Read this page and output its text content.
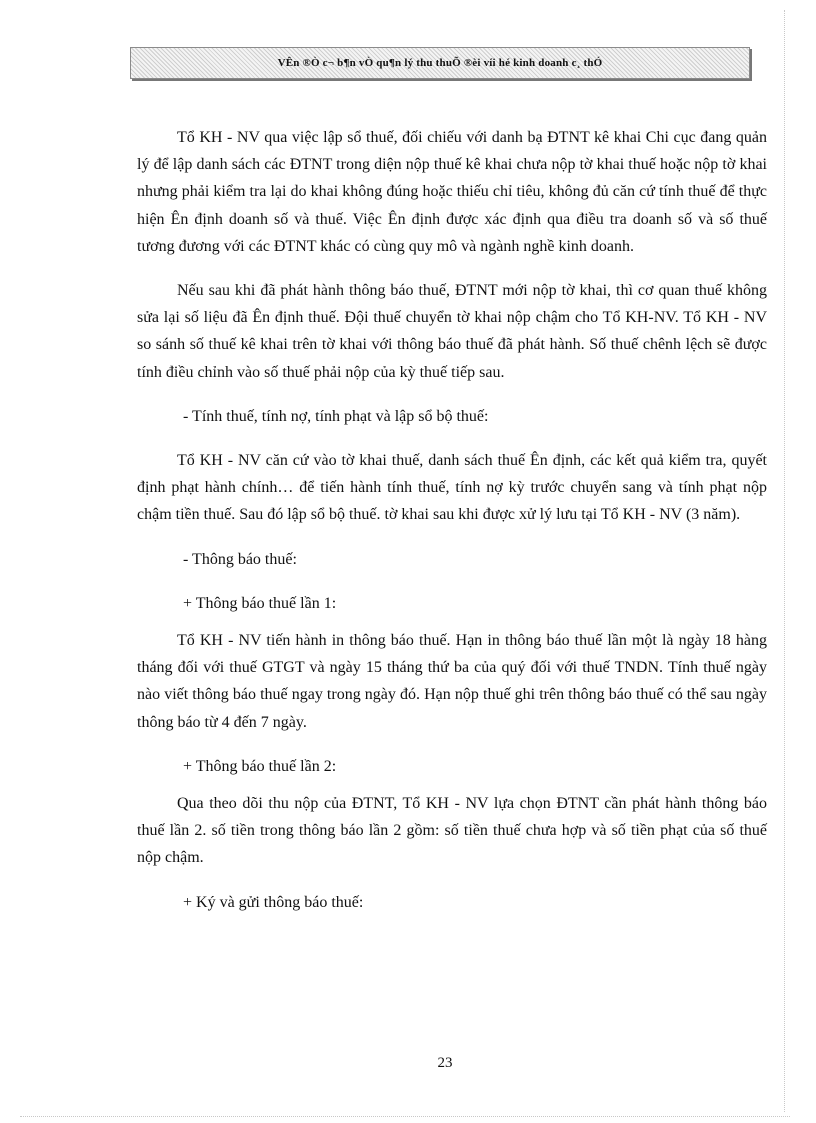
VÊn ®Ò c¬ b¶n vÒ qu¶n lý thu thuÕ ®èi víi hé kinh doanh c¸ thÓ

Tổ KH - NV qua việc lập sổ thuế, đối chiếu với danh bạ ĐTNT kê khai Chi cục đang quản lý để lập danh sách các ĐTNT trong diện nộp thuế kê khai chưa nộp tờ khai thuế hoặc nộp tờ khai nhưng phải kiểm tra lại do khai không đúng hoặc thiếu chỉ tiêu, không đủ căn cứ tính thuế để thực hiện Ên định doanh số và thuế. Việc Ên định được xác định qua điều tra doanh số và số thuế tương đương với các ĐTNT khác có cùng quy mô và ngành nghề kinh doanh.

Nếu sau khi đã phát hành thông báo thuế, ĐTNT mới nộp tờ khai, thì cơ quan thuế không sửa lại số liệu đã Ên định thuế. Đội thuế chuyển tờ khai nộp chậm cho Tổ KH-NV. Tổ KH - NV so sánh số thuế kê khai trên tờ khai với thông báo thuế đã phát hành. Số thuế chênh lệch sẽ được tính điều chỉnh vào số thuế phải nộp của kỳ thuế tiếp sau.

- Tính thuế, tính nợ, tính phạt và lập sổ bộ thuế:

Tổ KH - NV căn cứ vào tờ khai thuế, danh sách thuế Ên định, các kết quả kiểm tra, quyết định phạt hành chính… để tiến hành tính thuế, tính nợ kỳ trước chuyển sang và tính phạt nộp chậm tiền thuế. Sau đó lập sổ bộ thuế. tờ khai sau khi được xử lý lưu tại Tổ KH - NV (3 năm).

- Thông báo thuế:

+ Thông báo thuế lần 1:

Tổ KH - NV tiến hành in thông báo thuế. Hạn in thông báo thuế lần một là ngày 18 hàng tháng đối với thuế GTGT và ngày 15 tháng thứ ba của quý đối với thuế TNDN. Tính thuế ngày nào viết thông báo thuế ngay trong ngày đó. Hạn nộp thuế ghi trên thông báo thuế có thể sau ngày thông báo từ 4 đến 7 ngày.

+ Thông báo thuế lần 2:

Qua theo dõi thu nộp của ĐTNT, Tổ KH - NV lựa chọn ĐTNT cần phát hành thông báo thuế lần 2. số tiền trong thông báo lần 2 gồm: số tiền thuế chưa hợp và số tiền phạt của số thuế nộp chậm.

+ Ký và gửi thông báo thuế:

23
